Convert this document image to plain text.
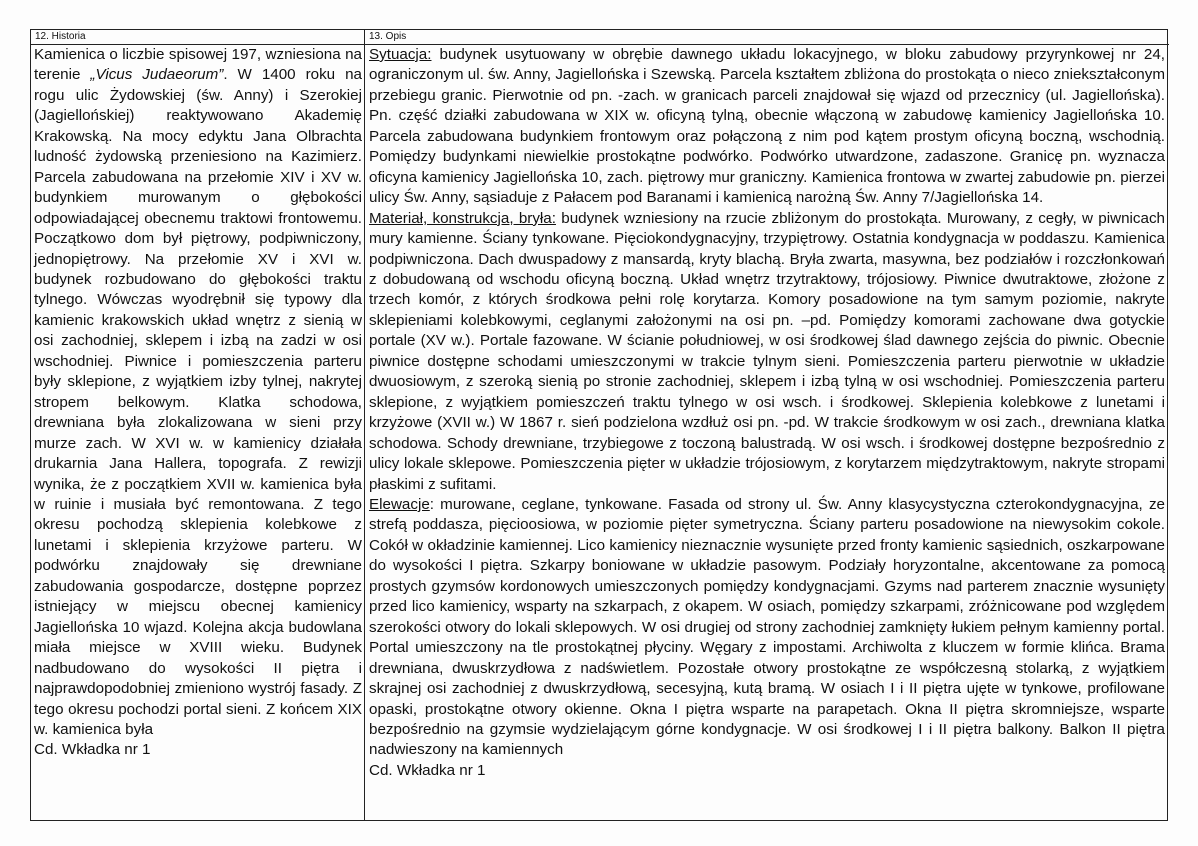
12. Historia
Kamienica o liczbie spisowej 197, wzniesiona na terenie „Vicus Judaeorum”. W 1400 roku na rogu ulic Żydowskiej (św. Anny) i Szerokiej (Jagiellońskiej) reaktywowano Akademię Krakowską. Na mocy edyktu Jana Olbrachta ludność żydowską przeniesiono na Kazimierz. Parcela zabudowana na przełomie XIV i XV w. budynkiem murowanym o głębokości odpowiadającej obecnemu traktowi frontowemu. Początkowo dom był piętrowy, podpiwniczony, jednopiętrowy. Na przełomie XV i XVI w. budynek rozbudowano do głębokości traktu tylnego. Wówczas wyodrębnił się typowy dla kamienic krakowskich układ wnętrz z sienią w osi zachodniej, sklepem i izbą na zadzi w osi wschodniej. Piwnice i pomieszczenia parteru były sklepione, z wyjątkiem izby tylnej, nakrytej stropem belkowym. Klatka schodowa, drewniana była zlokalizowana w sieni przy murze zach. W XVI w. w kamienicy działała drukarnia Jana Hallera, topografa. Z rewizji wynika, że z początkiem XVII w. kamienica była w ruinie i musiała być remontowana. Z tego okresu pochodzą sklepienia kolebkowe z lunetami i sklepienia krzyżowe parteru. W podwórku znajdowały się drewniane zabudowania gospodarcze, dostępne poprzez istniejący w miejscu obecnej kamienicy Jagiellońska 10 wjazd. Kolejna akcja budowlana miała miejsce w XVIII wieku. Budynek nadbudowano do wysokości II piętra i najprawdopodobniej zmieniono wystrój fasady. Z tego okresu pochodzi portal sieni. Z końcem XIX w. kamienica była
Cd. Wkładka nr 1
13. Opis
Sytuacja: budynek usytuowany w obrębie dawnego układu lokacyjnego, w bloku zabudowy przyrynkowej nr 24, ograniczonym ul. św. Anny, Jagiellońska i Szewską. Parcela kształtem zbliżona do prostokąta o nieco zniekształconym przebiegu granic. Pierwotnie od pn. -zach. w granicach parceli znajdował się wjazd od przecznicy (ul. Jagiellońska). Pn. część działki zabudowana w XIX w. oficyną tylną, obecnie włączoną w zabudowę kamienicy Jagiellońska 10. Parcela zabudowana budynkiem frontowym oraz połączoną z nim pod kątem prostym oficyną boczną, wschodnią. Pomiędzy budynkami niewielkie prostokątne podwórko. Podwórko utwardzone, zadaszone. Granicę pn. wyznacza oficyna kamienicy Jagiellońska 10, zach. piętrowy mur graniczny. Kamienica frontowa w zwartej zabudowie pn. pierzei ulicy Św. Anny, sąsiaduje z Pałacem pod Baranami i kamienicą narożną Św. Anny 7/Jagiellońska 14.
Materiał, konstrukcja, bryła: budynek wzniesiony na rzucie zbliżonym do prostokąta. Murowany, z cegły, w piwnicach mury kamienne. Ściany tynkowane. Pięciokondygnacyjny, trzypiętrowy. Ostatnia kondygnacja w poddaszu. Kamienica podpiwniczona. Dach dwuspadowy z mansardą, kryty blachą. Bryła zwarta, masywna, bez podziałów i rozczłonkowań z dobudowaną od wschodu oficyną boczną. Układ wnętrz trzytraktowy, trójosiowy. Piwnice dwutraktowe, złożone z trzech komór, z których środkowa pełni rolę korytarza. Komory posadowione na tym samym poziomie, nakryte sklepieniami kolebkowymi, ceglanymi założonymi na osi pn. –pd. Pomiędzy komorami zachowane dwa gotyckie portale (XV w.). Portale fazowane. W ścianie południowej, w osi środkowej ślad dawnego zejścia do piwnic. Obecnie piwnice dostępne schodami umieszczonymi w trakcie tylnym sieni. Pomieszczenia parteru pierwotnie w układzie dwuosiowym, z szeroką sienią po stronie zachodniej, sklepem i izbą tylną w osi wschodniej. Pomieszczenia parteru sklepione, z wyjątkiem pomieszczeń traktu tylnego w osi wsch. i środkowej. Sklepienia kolebkowe z lunetami i krzyżowe (XVII w.) W 1867 r. sień podzielona wzdłuż osi pn. -pd. W trakcie środkowym w osi zach., drewniana klatka schodowa. Schody drewniane, trzybiegowe z toczoną balustradą. W osi wsch. i środkowej dostępne bezpośrednio z ulicy lokale sklepowe. Pomieszczenia pięter w układzie trójosiowym, z korytarzem międzytraktowym, nakryte stropami płaskimi z sufitami.
Elewacje: murowane, ceglane, tynkowane. Fasada od strony ul. Św. Anny klasycystyczna czterokondygnacyjna, ze strefą poddasza, pięcioosiowa, w poziomie pięter symetryczna. Ściany parteru posadowione na niewysokim cokole. Cokół w okładzinie kamiennej. Lico kamienicy nieznacznie wysunięte przed fronty kamienic sąsiednich, oszkarpowane do wysokości I piętra. Szkarpy boniowane w układzie pasowym. Podziały horyzontalne, akcentowane za pomocą prostych gzymsów kordonowych umieszczonych pomiędzy kondygnacjami. Gzyms nad parterem znacznie wysunięty przed lico kamienicy, wsparty na szkarpach, z okapem. W osiach, pomiędzy szkarpami, zróżnicowane pod względem szerokości otwory do lokali sklepowych. W osi drugiej od strony zachodniej zamknięty łukiem pełnym kamienny portal. Portal umieszczony na tle prostokątnej płyciny. Węgary z impostami. Archiwolta z kluczem w formie klińca. Brama drewniana, dwuskrzydłowa z nadświetlem. Pozostałe otwory prostokątne ze współczesną stolarką, z wyjątkiem skrajnej osi zachodniej z dwuskrzydłową, secesyjną, kutą bramą. W osiach I i II piętra ujęte w tynkowe, profilowane opaski, prostokątne otwory okienne. Okna I piętra wsparte na parapetach. Okna II piętra skromniejsze, wsparte bezpośrednio na gzymsie wydzielającym górne kondygnacje. W osi środkowej I i II piętra balkony. Balkon II piętra nadwieszony na kamiennych
Cd. Wkładka nr 1
